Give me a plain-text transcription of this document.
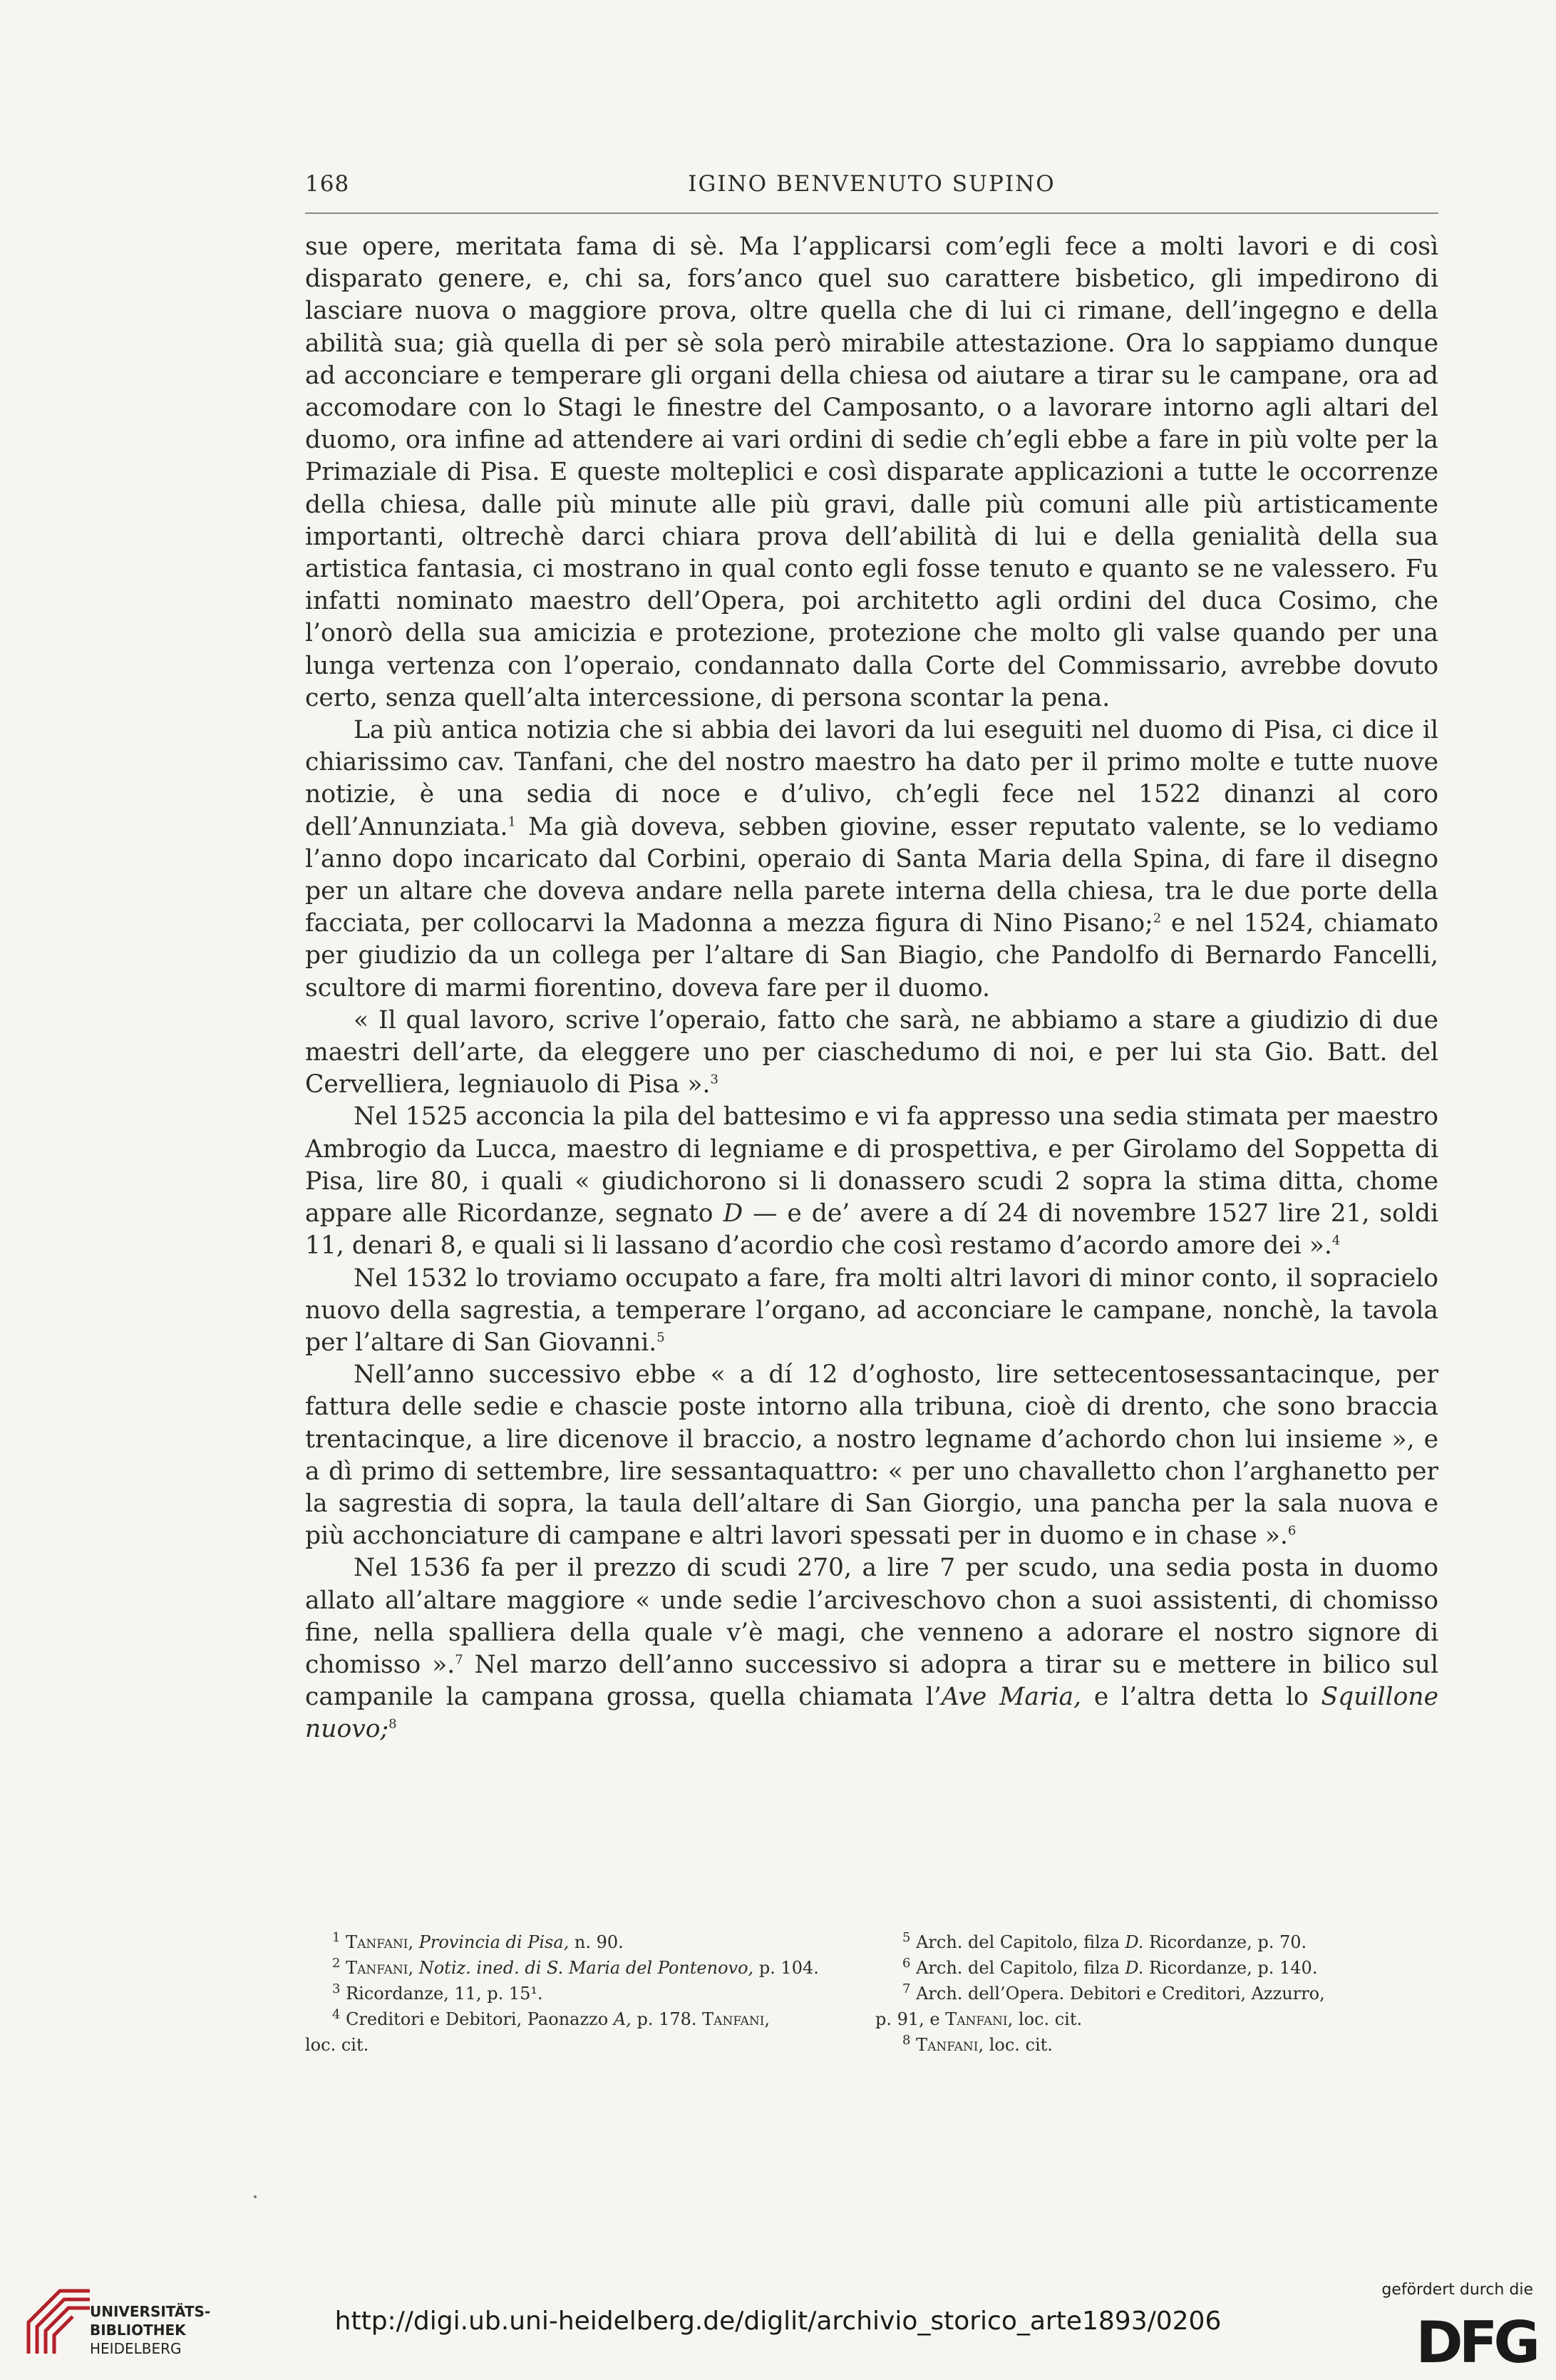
168	IGINO BENVENUTO SUPINO

sue opere, meritata fama di sè. Ma l’applicarsi com’egli fece a molti lavori e di così disparato genere, e, chi sa, fors’anco quel suo carattere bisbetico, gli impedirono di lasciare nuova o maggiore prova, oltre quella che di lui ci rimane, dell’ingegno e della abilità sua; già quella di per sè sola però mirabile attestazione. Ora lo sappiamo dunque ad acconciare e temperare gli organi della chiesa od aiutare a tirar su le campane, ora ad accomodare con lo Stagi le finestre del Camposanto, o a lavorare intorno agli altari del duomo, ora infine ad attendere ai vari ordini di sedie ch’egli ebbe a fare in più volte per la Primaziale di Pisa. E queste molteplici e così disparate applicazioni a tutte le occorrenze della chiesa, dalle più minute alle più gravi, dalle più comuni alle più artisticamente importanti, oltrechè darci chiara prova dell’abilità di lui e della genialità della sua artistica fantasia, ci mostrano in qual conto egli fosse tenuto e quanto se ne valessero. Fu infatti nominato maestro dell’Opera, poi architetto agli ordini del duca Cosimo, che l’onorò della sua amicizia e protezione, protezione che molto gli valse quando per una lunga vertenza con l’operaio, condannato dalla Corte del Commissario, avrebbe dovuto certo, senza quell’alta intercessione, di persona scontar la pena.

La più antica notizia che si abbia dei lavori da lui eseguiti nel duomo di Pisa, ci dice il chiarissimo cav. Tanfani, che del nostro maestro ha dato per il primo molte e tutte nuove notizie, è una sedia di noce e d’ulivo, ch’egli fece nel 1522 dinanzi al coro dell’Annunziata.$^1$ Ma già doveva, sebben giovine, esser reputato valente, se lo vediamo l’anno dopo incaricato dal Corbini, operaio di Santa Maria della Spina, di fare il disegno per un altare che doveva andare nella parete interna della chiesa, tra le due porte della facciata, per collocarvi la Madonna a mezza figura di Nino Pisano;$^2$ e nel 1524, chiamato per giudizio da un collega per l’altare di San Biagio, che Pandolfo di Bernardo Fancelli, scultore di marmi fiorentino, doveva fare per il duomo.

« Il qual lavoro, scrive l’operaio, fatto che sarà, ne abbiamo a stare a giudizio di due maestri dell’arte, da eleggere uno per ciaschedumo di noi, e per lui sta Gio. Batt. del Cervelliera, legniauolo di Pisa ».$^3$

Nel 1525 acconcia la pila del battesimo e vi fa appresso una sedia stimata per maestro Ambrogio da Lucca, maestro di legniame e di prospettiva, e per Girolamo del Soppetta di Pisa, lire 80, i quali « giudichorono si li donassero scudi 2 sopra la stima ditta, chome appare alle Ricordanze, segnato D — e de’ avere a dí 24 di novembre 1527 lire 21, soldi 11, denari 8, e quali si li lassano d’acordio che così restamo d’acordo amore dei ».$^4$

Nel 1532 lo troviamo occupato a fare, fra molti altri lavori di minor conto, il sopracielo nuovo della sagrestia, a temperare l’organo, ad acconciare le campane, nonchè, la tavola per l’altare di San Giovanni.$^5$

Nell’anno successivo ebbe « a dí 12 d’oghosto, lire settecentosessantacinque, per fattura delle sedie e chascie poste intorno alla tribuna, cioè di drento, che sono braccia trentacinque, a lire dicenove il braccio, a nostro legname d’achordo chon lui insieme », e a dì primo di settembre, lire sessantaquattro: « per uno chavalletto chon l’arghanetto per la sagrestia di sopra, la taula dell’altare di San Giorgio, una pancha per la sala nuova e più acchonciature di campane e altri lavori spessati per in duomo e in chase ».$^6$

Nel 1536 fa per il prezzo di scudi 270, a lire 7 per scudo, una sedia posta in duomo allato all’altare maggiore « unde sedie l’arciveschovo chon a suoi assistenti, di chomisso fine, nella spalliera della quale v’è magi, che venneno a adorare el nostro signore di chomisso ».$^7$ Nel marzo dell’anno successivo si adopra a tirar su e mettere in bilico sul campanile la campana grossa, quella chiamata l’Ave Maria, e l’altra detta lo Squillone nuovo;$^8$

$^1$ Tanfani, Provincia di Pisa, n. 90.
$^2$ Tanfani, Notiz. ined. di S. Maria del Pontenovo, p. 104.
$^3$ Ricordanze, 11, p. 15¹.
$^4$ Creditori e Debitori, Paonazzo A, p. 178. Tanfani,
loc. cit.
$^5$ Arch. del Capitolo, filza D. Ricordanze, p. 70.
$^6$ Arch. del Capitolo, filza D. Ricordanze, p. 140.
$^7$ Arch. dell’Opera. Debitori e Creditori, Azzurro,
p. 91, e Tanfani, loc. cit.
$^8$ Tanfani, loc. cit.
UNIVERSITÄTS-
BIBLIOTHEK
HEIDELBERG
http://digi.ub.uni-heidelberg.de/diglit/archivio_storico_arte1893/0206
gefördert durch die
DFG
